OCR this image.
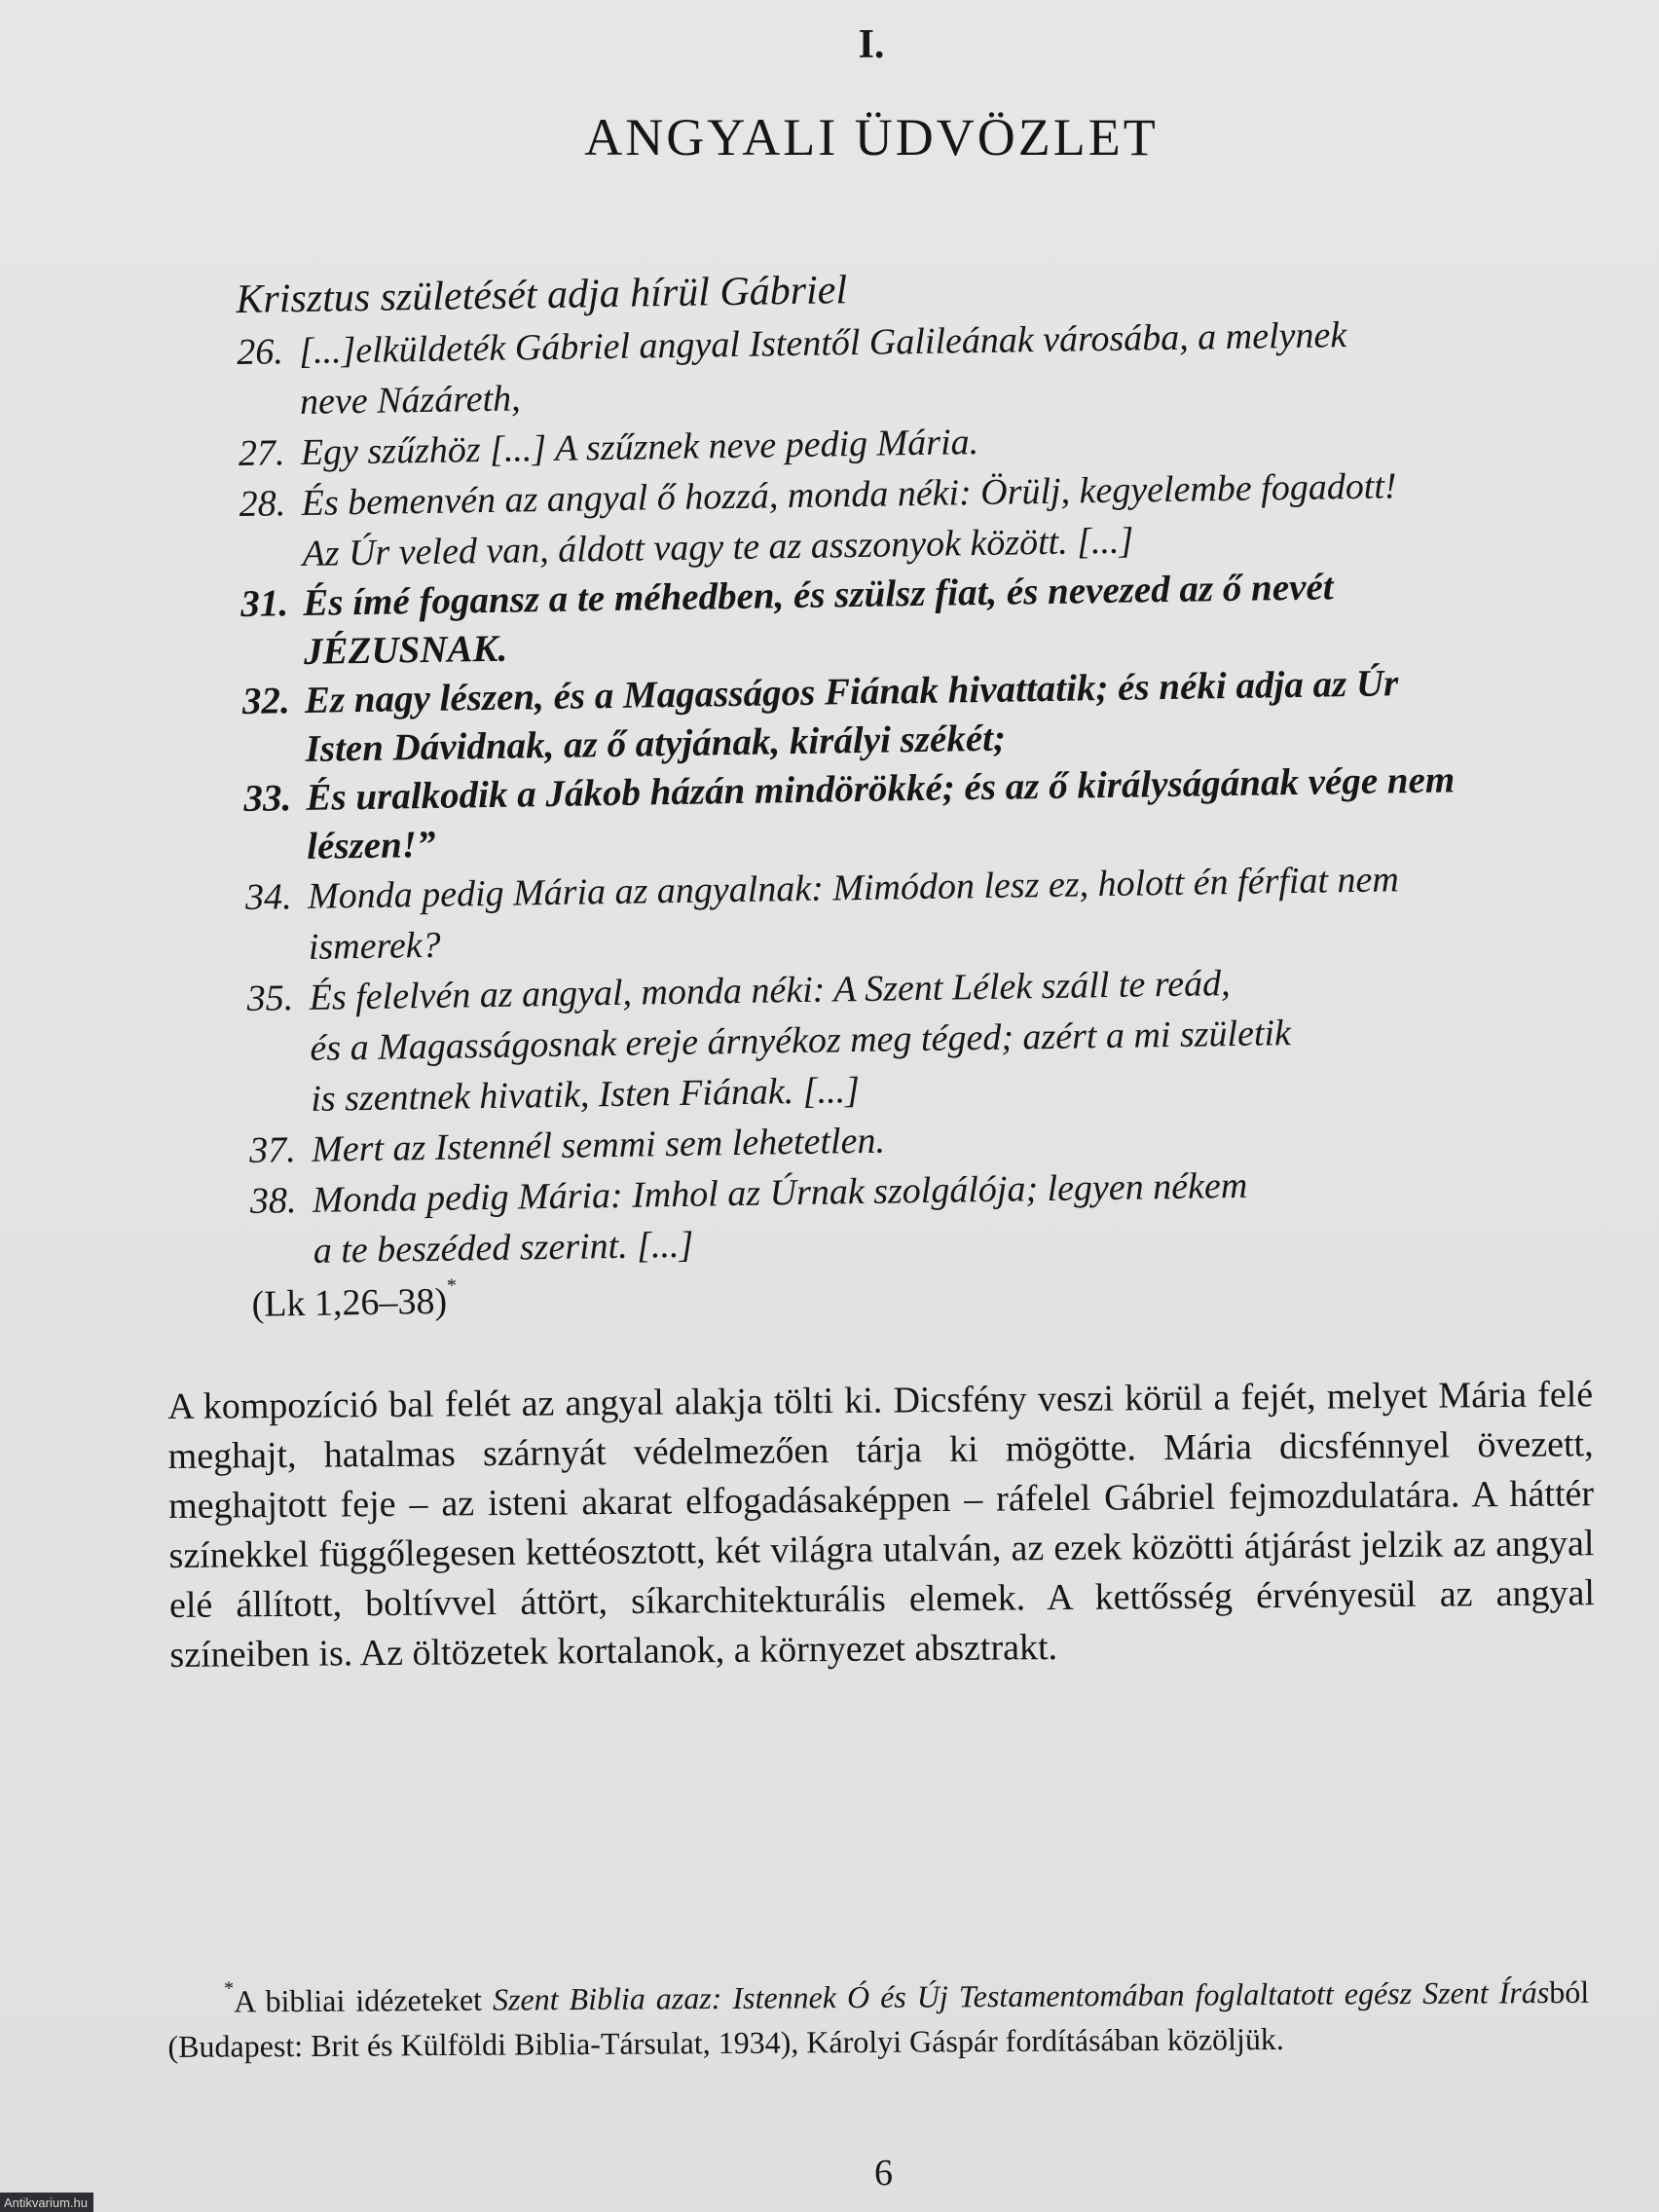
I.
ANGYALI ÜDVÖZLET
Krisztus születését adja hírül Gábriel
26. [...]elküldeték Gábriel angyal Istentől Galileának városába, a melynek
neve Názáreth,
27. Egy szűzhöz [...] A szűznek neve pedig Mária.
28. És bemenvén az angyal ő hozzá, monda néki: Örülj, kegyelembe fogadott!
Az Úr veled van, áldott vagy te az asszonyok között. [...]
31. És ímé fogansz a te méhedben, és szülsz fiat, és nevezed az ő nevét
JÉZUSNAK.
32. Ez nagy lészen, és a Magasságos Fiának hivattatik; és néki adja az Úr
Isten Dávidnak, az ő atyjának, királyi székét;
33. És uralkodik a Jákob házán mindörökké; és az ő királyságának vége nem
lészen!”
34. Monda pedig Mária az angyalnak: Mimódon lesz ez, holott én férfiat nem
ismerek?
35. És felelvén az angyal, monda néki: A Szent Lélek száll te reád,
és a Magasságosnak ereje árnyékoz meg téged; azért a mi születik
is szentnek hivatik, Isten Fiának. [...]
37. Mert az Istennél semmi sem lehetetlen.
38. Monda pedig Mária: Imhol az Úrnak szolgálója; legyen nékem
a te beszéded szerint. [...]
(Lk 1,26–38)*
A kompozíció bal felét az angyal alakja tölti ki. Dicsfény veszi körül a fejét, melyet Mária felé meghajt, hatalmas szárnyát védelmezően tárja ki mögötte. Mária dicsfénnyel övezett, meghajtott feje – az isteni akarat elfogadásaképpen – ráfelel Gábriel fejmozdulatára. A háttér színekkel függőlegesen kettéosztott, két világra utalván, az ezek közötti átjárást jelzik az angyal elé állított, boltívvel áttört, síkarchitekturális elemek. A kettősség érvényesül az angyal színeiben is. Az öltözetek kortalanok, a környezet absztrakt.
*A bibliai idézeteket Szent Biblia azaz: Istennek Ó és Új Testamentomában foglaltatott egész Szent Írásból (Budapest: Brit és Külföldi Biblia-Társulat, 1934), Károlyi Gáspár fordításában közöljük.
6
Antikvarium.hu
